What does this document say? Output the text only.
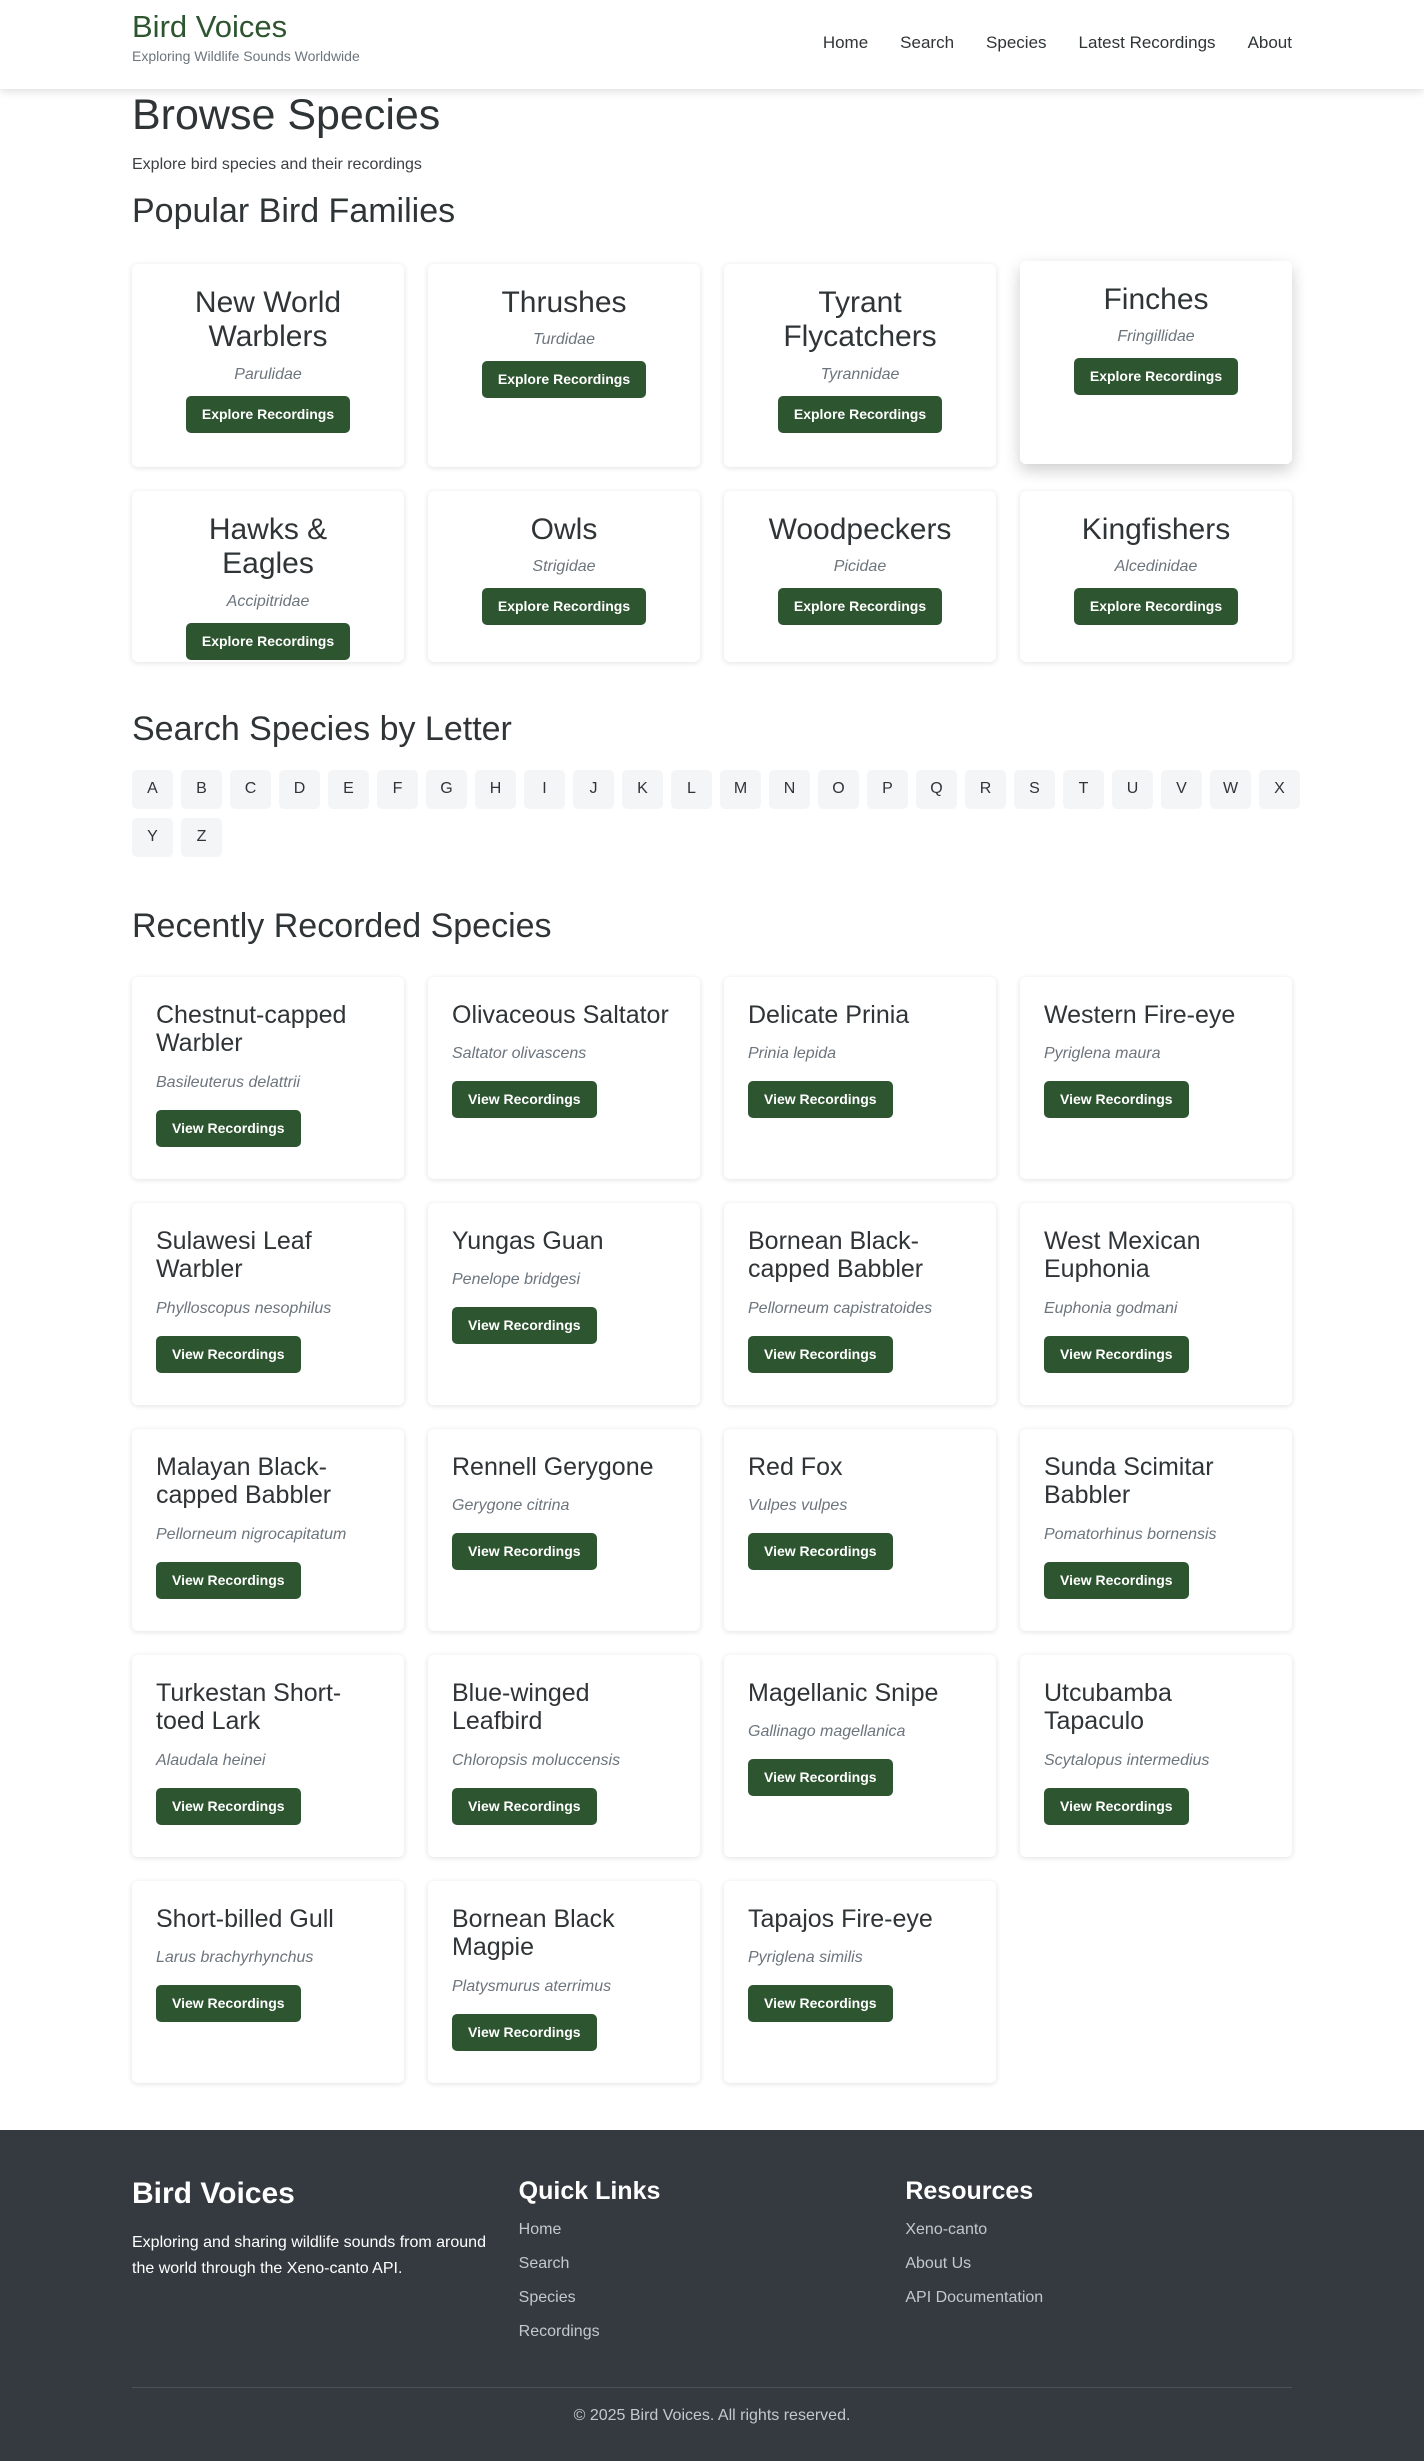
Bird Voices
Exploring Wildlife Sounds Worldwide
Home Search Species Latest Recordings About
Browse Species

Explore bird species and their recordings

Popular Bird Families
New World Warblers
Parulidae
Explore Recordings
Thrushes
Turdidae
Explore Recordings
Tyrant Flycatchers
Tyrannidae
Explore Recordings
Finches
Fringillidae
Explore Recordings
Hawks & Eagles
Accipitridae
Explore Recordings
Owls
Strigidae
Explore Recordings
Woodpeckers
Picidae
Explore Recordings
Kingfishers
Alcedinidae
Explore Recordings
Search Species by Letter
A	B	C	D	E	F	G	H	I	J	K	L	M	N	O	P	Q	R	S	T	U	V	W	X
Y	Z
Recently Recorded Species
Chestnut-capped Warbler
Basileuterus delattrii
View Recordings
Olivaceous Saltator
Saltator olivascens
View Recordings
Delicate Prinia
Prinia lepida
View Recordings
Western Fire-eye
Pyriglena maura
View Recordings
Sulawesi Leaf Warbler
Phylloscopus nesophilus
View Recordings
Yungas Guan
Penelope bridgesi
View Recordings
Bornean Black-capped Babbler
Pellorneum capistratoides
View Recordings
West Mexican Euphonia
Euphonia godmani
View Recordings
Malayan Black-capped Babbler
Pellorneum nigrocapitatum
View Recordings
Rennell Gerygone
Gerygone citrina
View Recordings
Red Fox
Vulpes vulpes
View Recordings
Sunda Scimitar Babbler
Pomatorhinus bornensis
View Recordings
Turkestan Short-toed Lark
Alaudala heinei
View Recordings
Blue-winged Leafbird
Chloropsis moluccensis
View Recordings
Magellanic Snipe
Gallinago magellanica
View Recordings
Utcubamba Tapaculo
Scytalopus intermedius
View Recordings
Short-billed Gull
Larus brachyrhynchus
View Recordings
Bornean Black Magpie
Platysmurus aterrimus
View Recordings
Tapajos Fire-eye
Pyriglena similis
View Recordings
Bird Voices
Exploring and sharing wildlife sounds from around the world through the Xeno-canto API.
Quick Links
Home
Search
Species
Recordings
Resources
Xeno-canto
About Us
API Documentation
© 2025 Bird Voices. All rights reserved.
